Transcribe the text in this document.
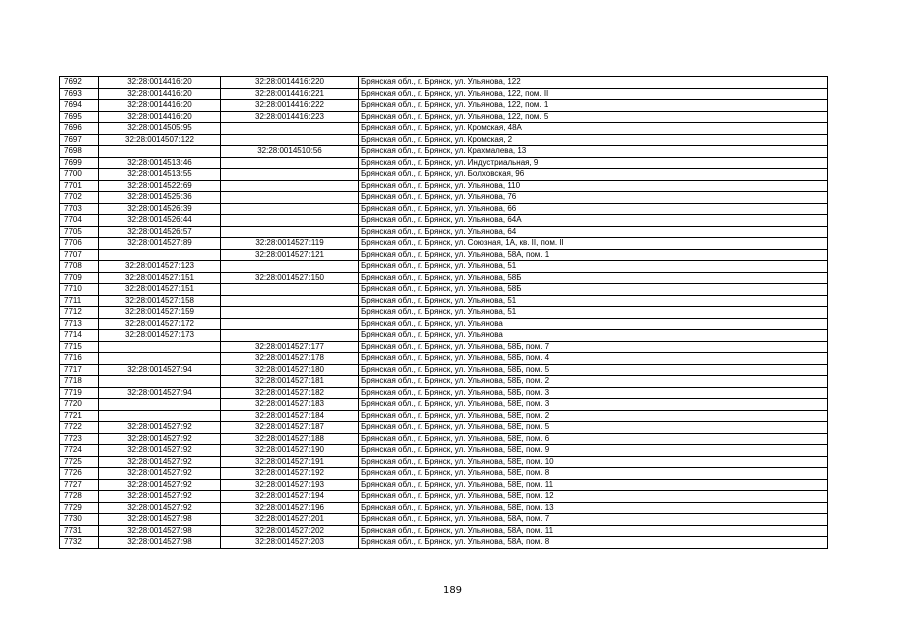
7692	32:28:0014416:20	32:28:0014416:220	Брянская обл., г. Брянск, ул. Ульянова, 122
7693	32:28:0014416:20	32:28:0014416:221	Брянская обл., г. Брянск, ул. Ульянова, 122, пом. II
7694	32:28:0014416:20	32:28:0014416:222	Брянская обл., г. Брянск, ул. Ульянова, 122, пом. 1
7695	32:28:0014416:20	32:28:0014416:223	Брянская обл., г. Брянск, ул. Ульянова, 122, пом. 5
7696	32:28:0014505:95		Брянская обл., г. Брянск, ул. Кромская, 48А
7697	32:28:0014507:122		Брянская обл., г. Брянск, ул. Кромская, 2
7698		32:28:0014510:56	Брянская обл., г. Брянск, ул. Крахмалева, 13
7699	32:28:0014513:46		Брянская обл., г. Брянск, ул. Индустриальная, 9
7700	32:28:0014513:55		Брянская обл., г. Брянск, ул. Болховская, 96
7701	32:28:0014522:69		Брянская обл., г. Брянск, ул. Ульянова, 110
7702	32:28:0014525:36		Брянская обл., г. Брянск, ул. Ульянова, 76
7703	32:28:0014526:39		Брянская обл., г. Брянск, ул. Ульянова, 66
7704	32:28:0014526:44		Брянская обл., г. Брянск, ул. Ульянова, 64А
7705	32:28:0014526:57		Брянская обл., г. Брянск, ул. Ульянова, 64
7706	32:28:0014527:89	32:28:0014527:119	Брянская обл., г. Брянск, ул. Союзная, 1А, кв. II, пом. II
7707		32:28:0014527:121	Брянская обл., г. Брянск, ул. Ульянова, 58А, пом. 1
7708	32:28:0014527:123		Брянская обл., г. Брянск, ул. Ульянова, 51
7709	32:28:0014527:151	32:28:0014527:150	Брянская обл., г. Брянск, ул. Ульянова, 58Б
7710	32:28:0014527:151		Брянская обл., г. Брянск, ул. Ульянова, 58Б
7711	32:28:0014527:158		Брянская обл., г. Брянск, ул. Ульянова, 51
7712	32:28:0014527:159		Брянская обл., г. Брянск, ул. Ульянова, 51
7713	32:28:0014527:172		Брянская обл., г. Брянск, ул. Ульянова
7714	32:28:0014527:173		Брянская обл., г. Брянск, ул. Ульянова
7715		32:28:0014527:177	Брянская обл., г. Брянск, ул. Ульянова, 58Б, пом. 7
7716		32:28:0014527:178	Брянская обл., г. Брянск, ул. Ульянова, 58Б, пом. 4
7717	32:28:0014527:94	32:28:0014527:180	Брянская обл., г. Брянск, ул. Ульянова, 58Б, пом. 5
7718		32:28:0014527:181	Брянская обл., г. Брянск, ул. Ульянова, 58Б, пом. 2
7719	32:28:0014527:94	32:28:0014527:182	Брянская обл., г. Брянск, ул. Ульянова, 58Б, пом. 3
7720		32:28:0014527:183	Брянская обл., г. Брянск, ул. Ульянова, 58Е, пом. 3
7721		32:28:0014527:184	Брянская обл., г. Брянск, ул. Ульянова, 58Е, пом. 2
7722	32:28:0014527:92	32:28:0014527:187	Брянская обл., г. Брянск, ул. Ульянова, 58Е, пом. 5
7723	32:28:0014527:92	32:28:0014527:188	Брянская обл., г. Брянск, ул. Ульянова, 58Е, пом. 6
7724	32:28:0014527:92	32:28:0014527:190	Брянская обл., г. Брянск, ул. Ульянова, 58Е, пом. 9
7725	32:28:0014527:92	32:28:0014527:191	Брянская обл., г. Брянск, ул. Ульянова, 58Е, пом. 10
7726	32:28:0014527:92	32:28:0014527:192	Брянская обл., г. Брянск, ул. Ульянова, 58Е, пом. 8
7727	32:28:0014527:92	32:28:0014527:193	Брянская обл., г. Брянск, ул. Ульянова, 58Е, пом. 11
7728	32:28:0014527:92	32:28:0014527:194	Брянская обл., г. Брянск, ул. Ульянова, 58Е, пом. 12
7729	32:28:0014527:92	32:28:0014527:196	Брянская обл., г. Брянск, ул. Ульянова, 58Е, пом. 13
7730	32:28:0014527:98	32:28:0014527:201	Брянская обл., г. Брянск, ул. Ульянова, 58А, пом. 7
7731	32:28:0014527:98	32:28:0014527:202	Брянская обл., г. Брянск, ул. Ульянова, 58А, пом. 11
7732	32:28:0014527:98	32:28:0014527:203	Брянская обл., г. Брянск, ул. Ульянова, 58А, пом. 8
189
